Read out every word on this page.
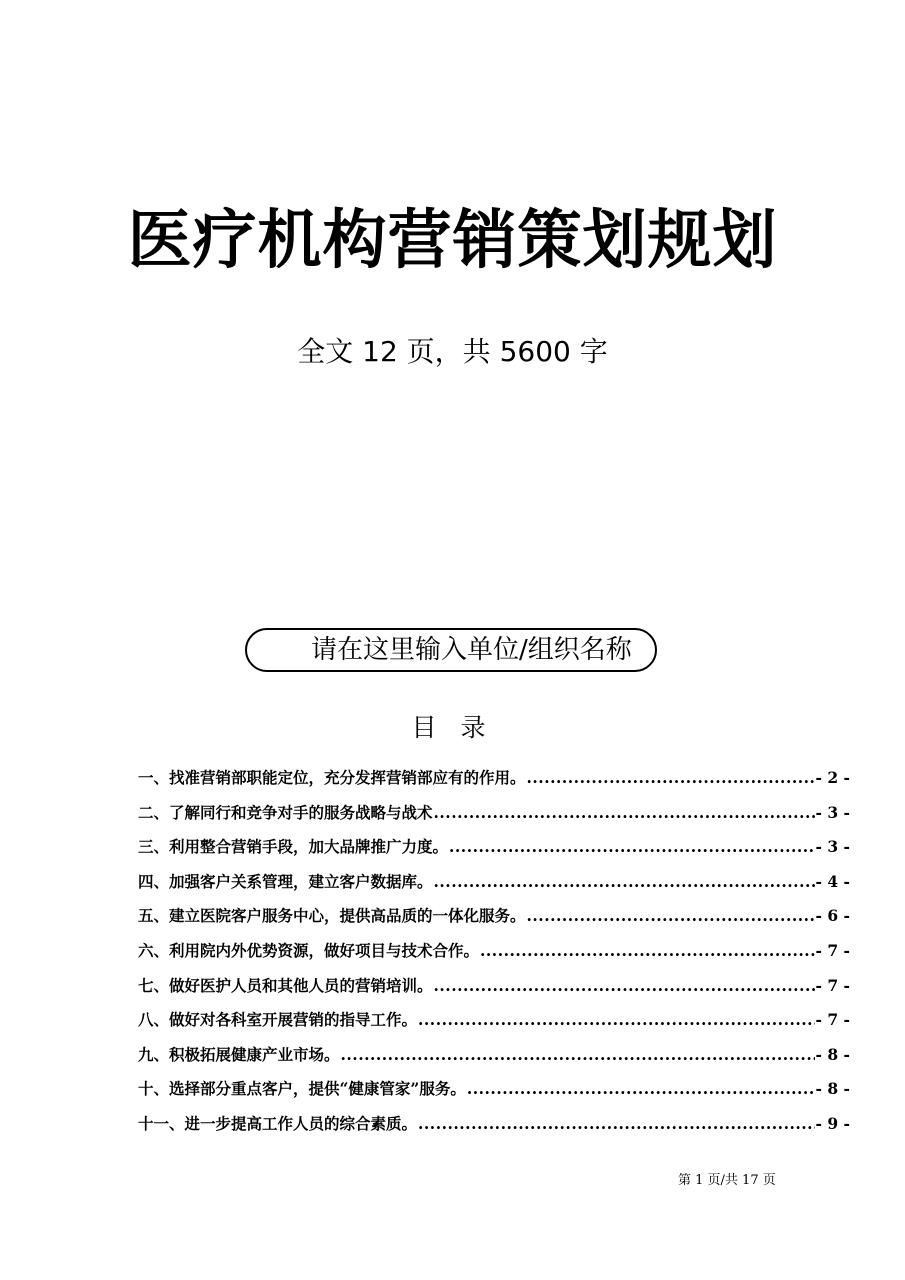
医疗机构营销策划规划
全文 12 页，共 5600 字
请在这里输入单位/组织名称
目 录
一、找准营销部职能定位，充分发挥营销部应有的作用。 .....	- 2 -
二、了解同行和竞争对手的服务战略与战术 .....	- 3 -
三、利用整合营销手段，加大品牌推广力度。 .....	- 3 -
四、加强客户关系管理，建立客户数据库。 .....	- 4 -
五、建立医院客户服务中心，提供高品质的一体化服务。 .....	- 6 -
六、利用院内外优势资源，做好项目与技术合作。 .....	- 7 -
七、做好医护人员和其他人员的营销培训。 .....	- 7 -
八、做好对各科室开展营销的指导工作。 .....	- 7 -
九、积极拓展健康产业市场。 .....	- 8 -
十、选择部分重点客户，提供“健康管家”服务。 .....	- 8 -
十一、进一步提高工作人员的综合素质。 .....	- 9 -
第 1 页/共 17 页
